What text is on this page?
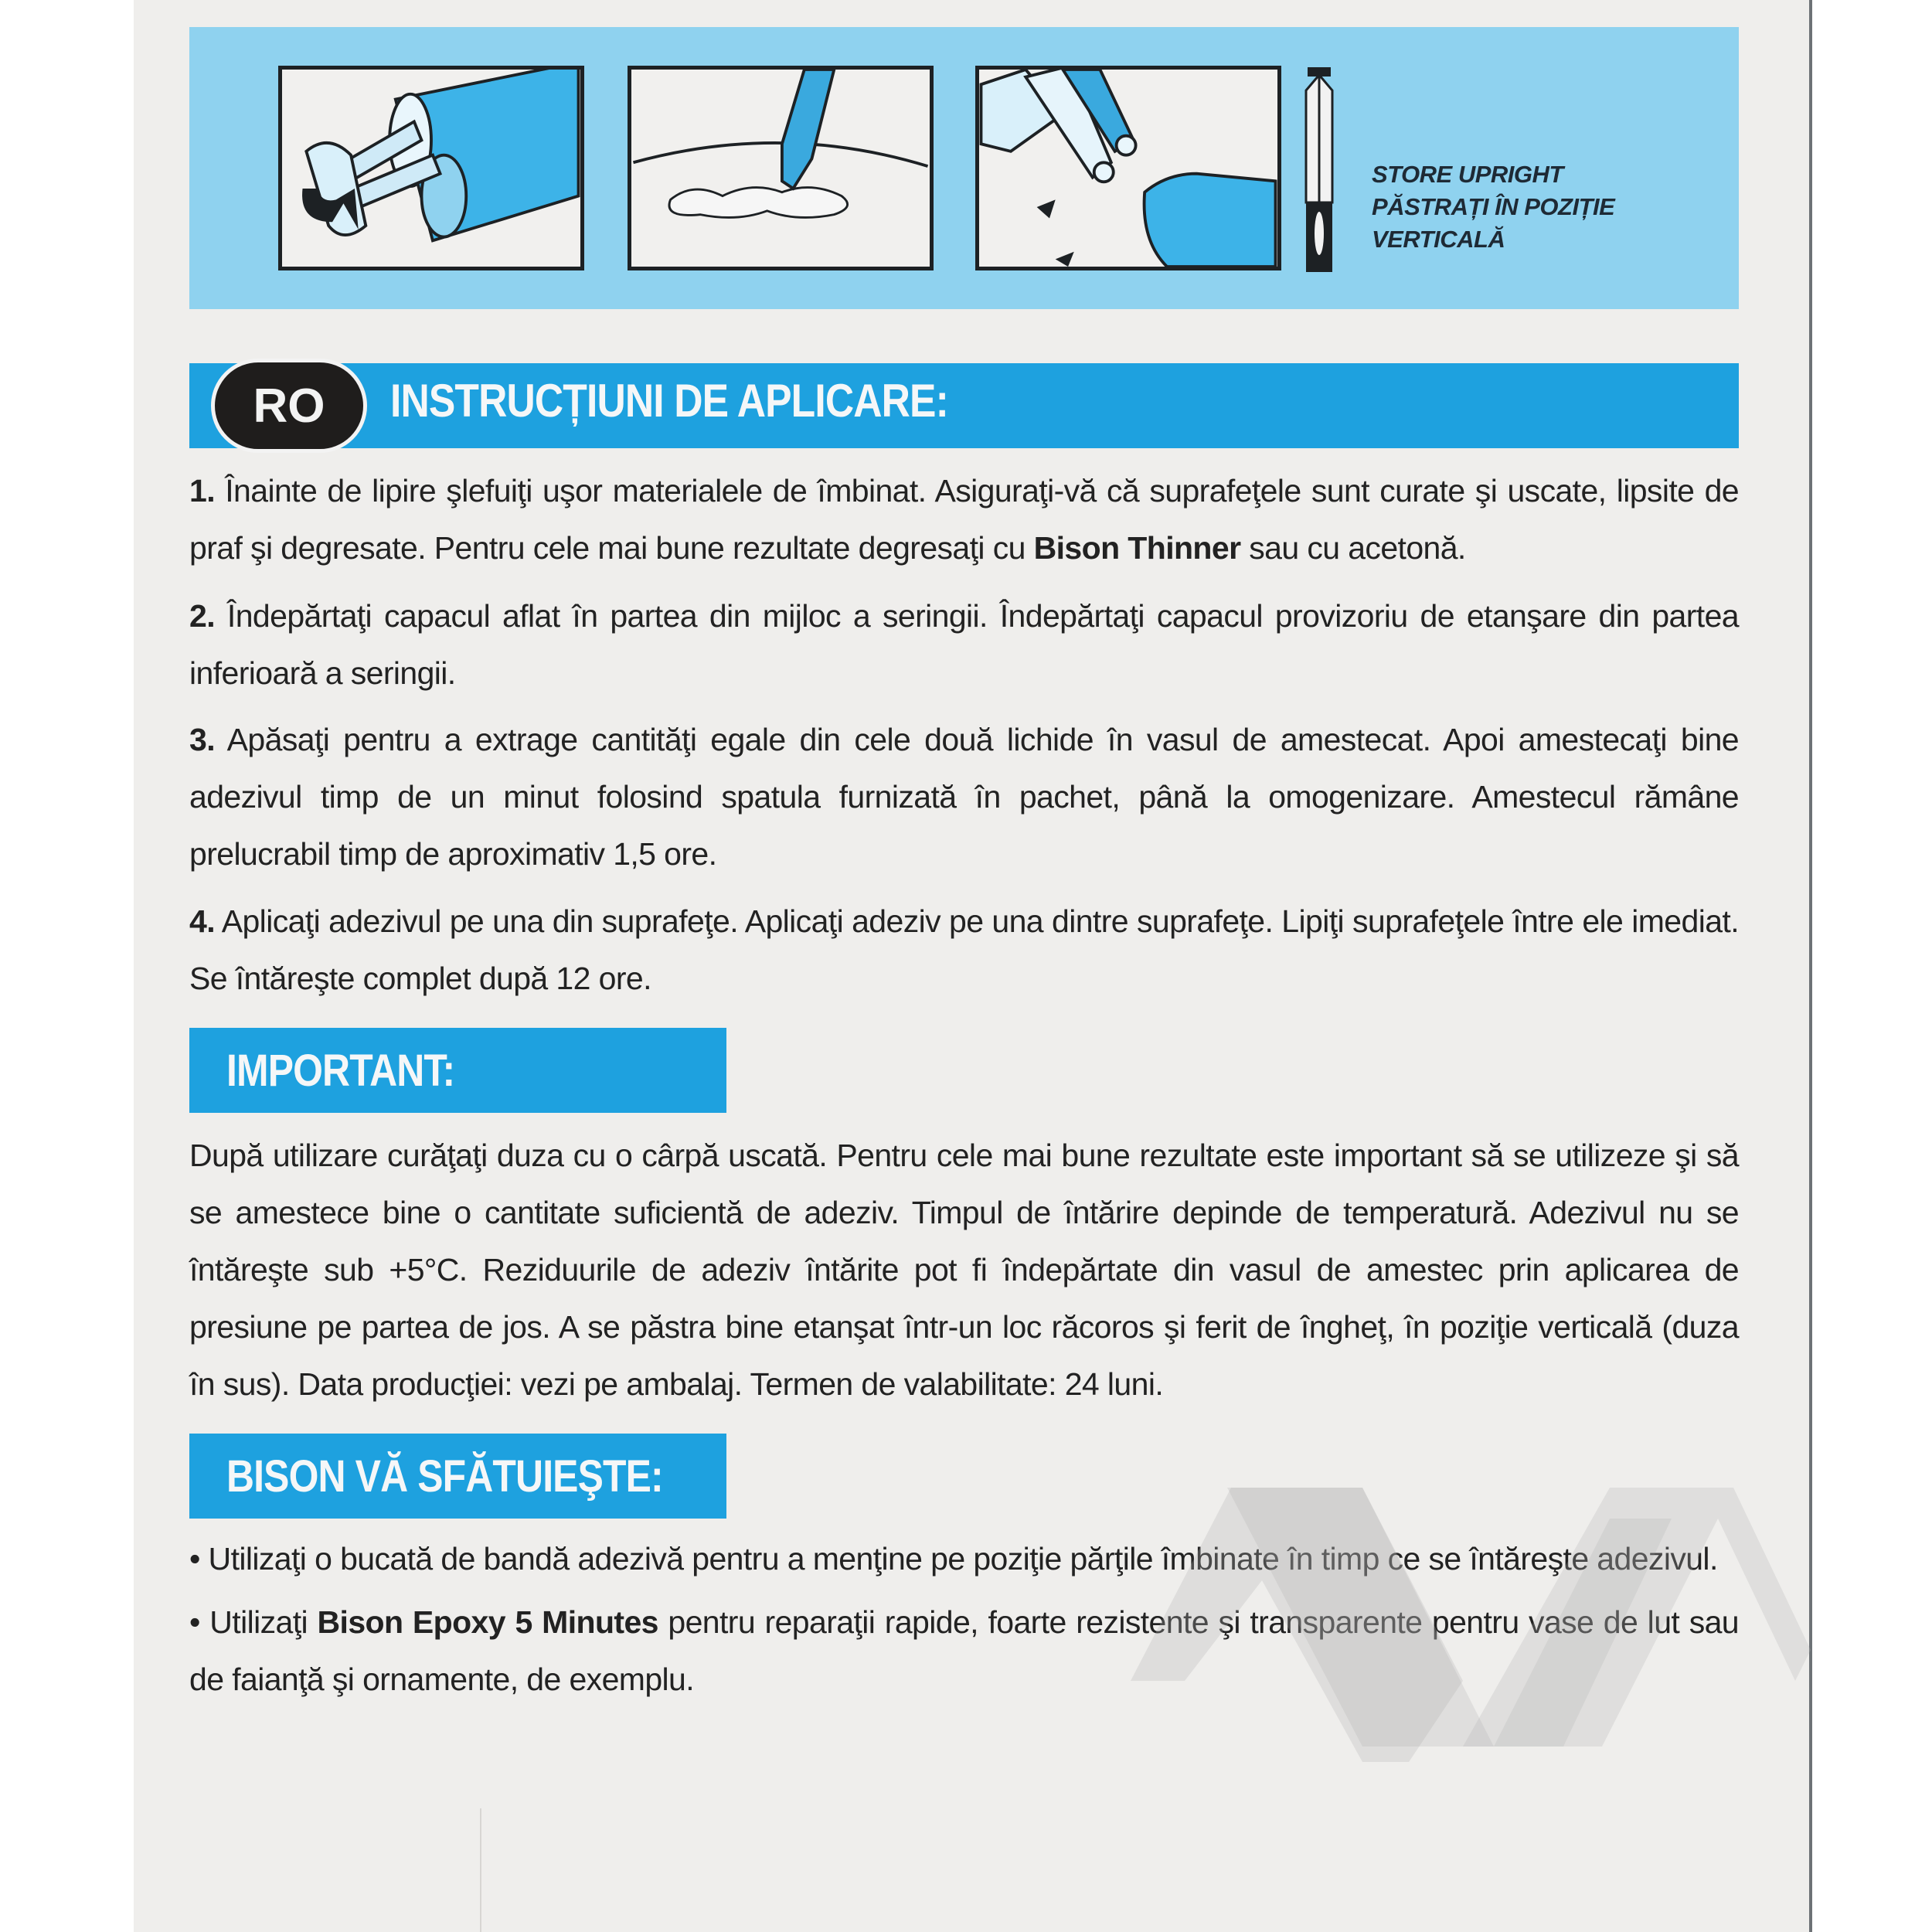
STORE UPRIGHT
PĂSTRAȚI ÎN POZIȚIE
VERTICALĂ
RO	INSTRUCȚIUNI DE APLICARE:
1. Înainte de lipire şlefuiţi uşor materialele de îmbinat. Asiguraţi-vă că suprafeţele sunt curate şi uscate, lipsite de praf şi degresate. Pentru cele mai bune rezultate degresaţi cu Bison Thinner sau cu acetonă.
2. Îndepărtaţi capacul aflat în partea din mijloc a seringii. Îndepărtaţi capacul provizoriu de etanşare din partea inferioară a seringii.
3. Apăsaţi pentru a extrage cantităţi egale din cele două lichide în vasul de amestecat. Apoi amestecaţi bine adezivul timp de un minut folosind spatula furnizată în pachet, până la omogenizare. Amestecul rămâne prelucrabil timp de aproximativ 1,5 ore.
4. Aplicaţi adezivul pe una din suprafeţe. Aplicaţi adeziv pe una dintre suprafeţe. Lipiţi suprafeţele între ele imediat. Se întăreşte complet după 12 ore.
IMPORTANT:
După utilizare curăţaţi duza cu o cârpă uscată. Pentru cele mai bune rezultate este important să se utilizeze şi să se amestece bine o cantitate suficientă de adeziv. Timpul de întărire depinde de temperatură. Adezivul nu se întăreşte sub +5°C. Reziduurile de adeziv întărite pot fi îndepărtate din vasul de amestec prin aplicarea de presiune pe partea de jos. A se păstra bine etanşat într-un loc răcoros şi ferit de îngheţ, în poziţie verticală (duza în sus). Data producţiei: vezi pe ambalaj. Termen de valabilitate: 24 luni.
BISON VĂ SFĂTUIEŞTE:
• Utilizaţi o bucată de bandă adezivă pentru a menţine pe poziţie părţile îmbinate în timp ce se întăreşte adezivul.
• Utilizaţi Bison Epoxy 5 Minutes pentru reparaţii rapide, foarte rezistente şi transparente pentru vase de lut sau de faianţă şi ornamente, de exemplu.
